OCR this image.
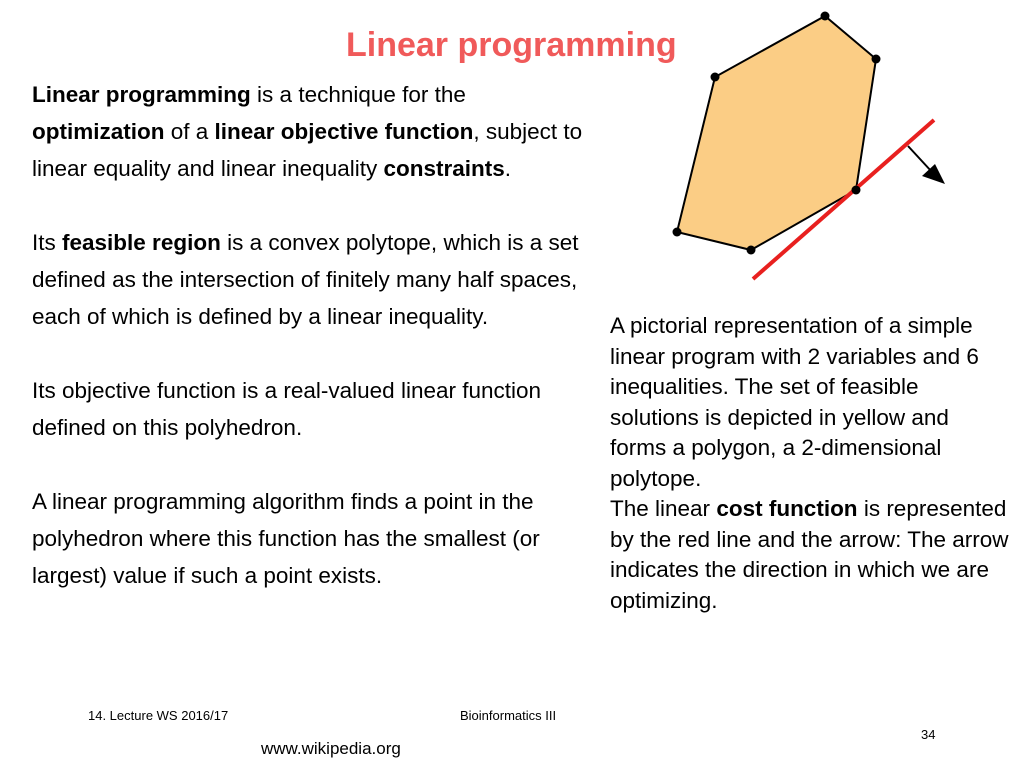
Linear programming

Linear programming is a technique for the optimization of a linear objective function, subject to linear equality and linear inequality constraints.

Its feasible region is a convex polytope, which is a set defined as the intersection of finitely many half spaces, each of which is defined by a linear inequality.

Its objective function is a real-valued linear function defined on this polyhedron.

A linear programming algorithm finds a point in the polyhedron where this function has the smallest (or largest) value if such a point exists.

A pictorial representation of a simple linear program with 2 variables and 6 inequalities. The set of feasible solutions is depicted in yellow and forms a polygon, a 2-dimensional polytope.

The linear cost function is represented by the red line and the arrow: The arrow indicates the direction in which we are optimizing.

14. Lecture WS 2016/17	Bioinformatics III
34
www.wikipedia.org
